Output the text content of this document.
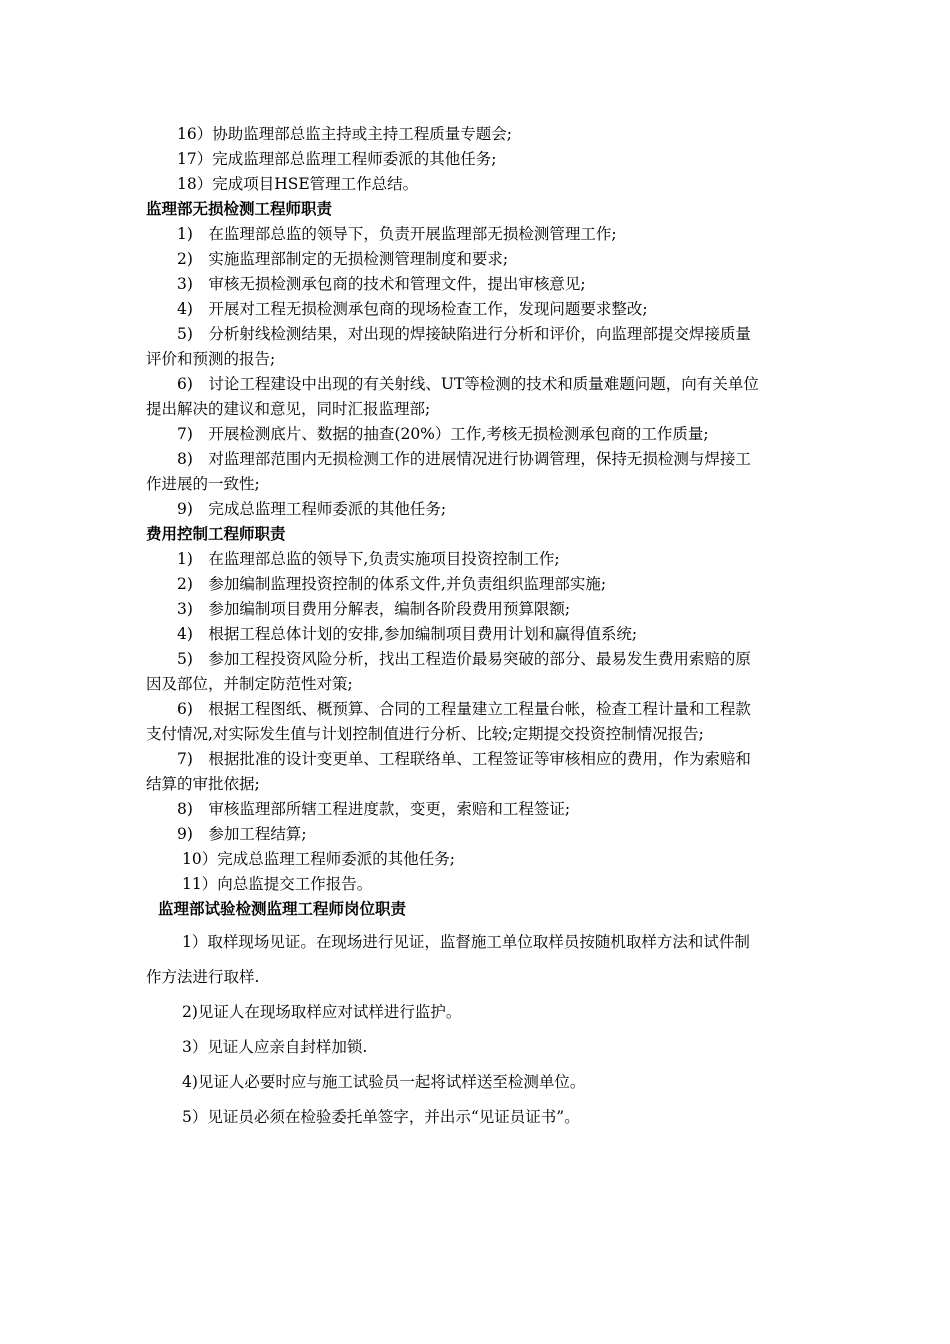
16）协助监理部总监主持或主持工程质量专题会;
17）完成监理部总监理工程师委派的其他任务;
18）完成项目HSE管理工作总结。
监理部无损检测工程师职责
1)　在监理部总监的领导下，负责开展监理部无损检测管理工作;
2)　实施监理部制定的无损检测管理制度和要求;
3)　审核无损检测承包商的技术和管理文件，提出审核意见;
4)　开展对工程无损检测承包商的现场检查工作，发现问题要求整改;
5)　分析射线检测结果，对出现的焊接缺陷进行分析和评价，向监理部提交焊接质量
评价和预测的报告;
6)　讨论工程建设中出现的有关射线、UT等检测的技术和质量难题问题，向有关单位
提出解决的建议和意见，同时汇报监理部;
7)　开展检测底片、数据的抽查(20%）工作,考核无损检测承包商的工作质量;
8)　对监理部范围内无损检测工作的进展情况进行协调管理，保持无损检测与焊接工
作进展的一致性;
9)　完成总监理工程师委派的其他任务;
费用控制工程师职责
1)　在监理部总监的领导下,负责实施项目投资控制工作;
2)　参加编制监理投资控制的体系文件,并负责组织监理部实施;
3)　参加编制项目费用分解表，编制各阶段费用预算限额;
4)　根据工程总体计划的安排,参加编制项目费用计划和赢得值系统;
5)　参加工程投资风险分析，找出工程造价最易突破的部分、最易发生费用索赔的原
因及部位，并制定防范性对策;
6)　根据工程图纸、概预算、合同的工程量建立工程量台帐，检查工程计量和工程款
支付情况,对实际发生值与计划控制值进行分析、比较;定期提交投资控制情况报告;
7)　根据批准的设计变更单、工程联络单、工程签证等审核相应的费用，作为索赔和
结算的审批依据;
8)　审核监理部所辖工程进度款，变更，索赔和工程签证;
9)　参加工程结算;
10）完成总监理工程师委派的其他任务;
11）向总监提交工作报告。
监理部试验检测监理工程师岗位职责
1）取样现场见证。在现场进行见证，监督施工单位取样员按随机取样方法和试件制
作方法进行取样.
2)见证人在现场取样应对试样进行监护。
3）见证人应亲自封样加锁.
4)见证人必要时应与施工试验员一起将试样送至检测单位。
5）见证员必须在检验委托单签字，并出示“见证员证书”。
